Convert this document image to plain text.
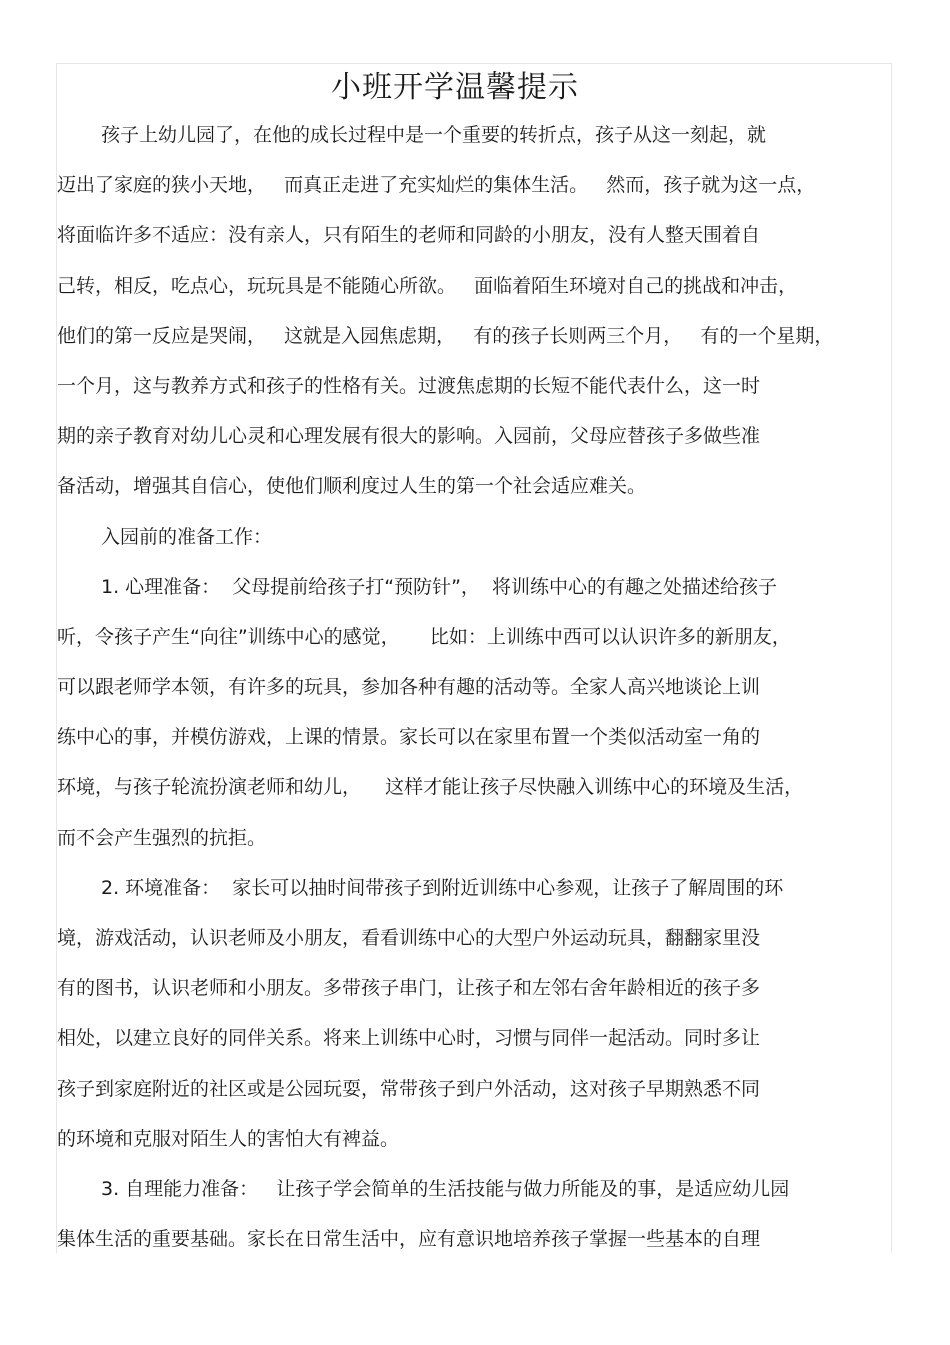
小班开学温馨提示
孩子上幼儿园了，在他的成长过程中是一个重要的转折点，孩子从这一刻起，就
迈出了家庭的狭小天地，   而真正走进了充实灿烂的集体生活。   然而，孩子就为这一点，
将面临许多不适应：没有亲人，只有陌生的老师和同龄的小朋友，没有人整天围着自
己转，相反，吃点心，玩玩具是不能随心所欲。   面临着陌生环境对自己的挑战和冲击，
他们的第一反应是哭闹，   这就是入园焦虑期，   有的孩子长则两三个月，   有的一个星期，
一个月，这与教养方式和孩子的性格有关。过渡焦虑期的长短不能代表什么，这一时
期的亲子教育对幼儿心灵和心理发展有很大的影响。入园前，父母应替孩子多做些准
备活动，增强其自信心，使他们顺利度过人生的第一个社会适应难关。
入园前的准备工作：
1. 心理准备：  父母提前给孩子打“预防针”，  将训练中心的有趣之处描述给孩子
听，令孩子产生“向往”训练中心的感觉，     比如：上训练中西可以认识许多的新朋友，
可以跟老师学本领，有许多的玩具，参加各种有趣的活动等。全家人高兴地谈论上训
练中心的事，并模仿游戏，上课的情景。家长可以在家里布置一个类似活动室一角的
环境，与孩子轮流扮演老师和幼儿，    这样才能让孩子尽快融入训练中心的环境及生活，
而不会产生强烈的抗拒。
2. 环境准备：  家长可以抽时间带孩子到附近训练中心参观，让孩子了解周围的环
境，游戏活动，认识老师及小朋友，看看训练中心的大型户外运动玩具，翻翻家里没
有的图书，认识老师和小朋友。多带孩子串门，让孩子和左邻右舍年龄相近的孩子多
相处，以建立良好的同伴关系。将来上训练中心时，习惯与同伴一起活动。同时多让
孩子到家庭附近的社区或是公园玩耍，常带孩子到户外活动，这对孩子早期熟悉不同
的环境和克服对陌生人的害怕大有裨益。
3. 自理能力准备：   让孩子学会简单的生活技能与做力所能及的事，是适应幼儿园
集体生活的重要基础。家长在日常生活中，应有意识地培养孩子掌握一些基本的自理
